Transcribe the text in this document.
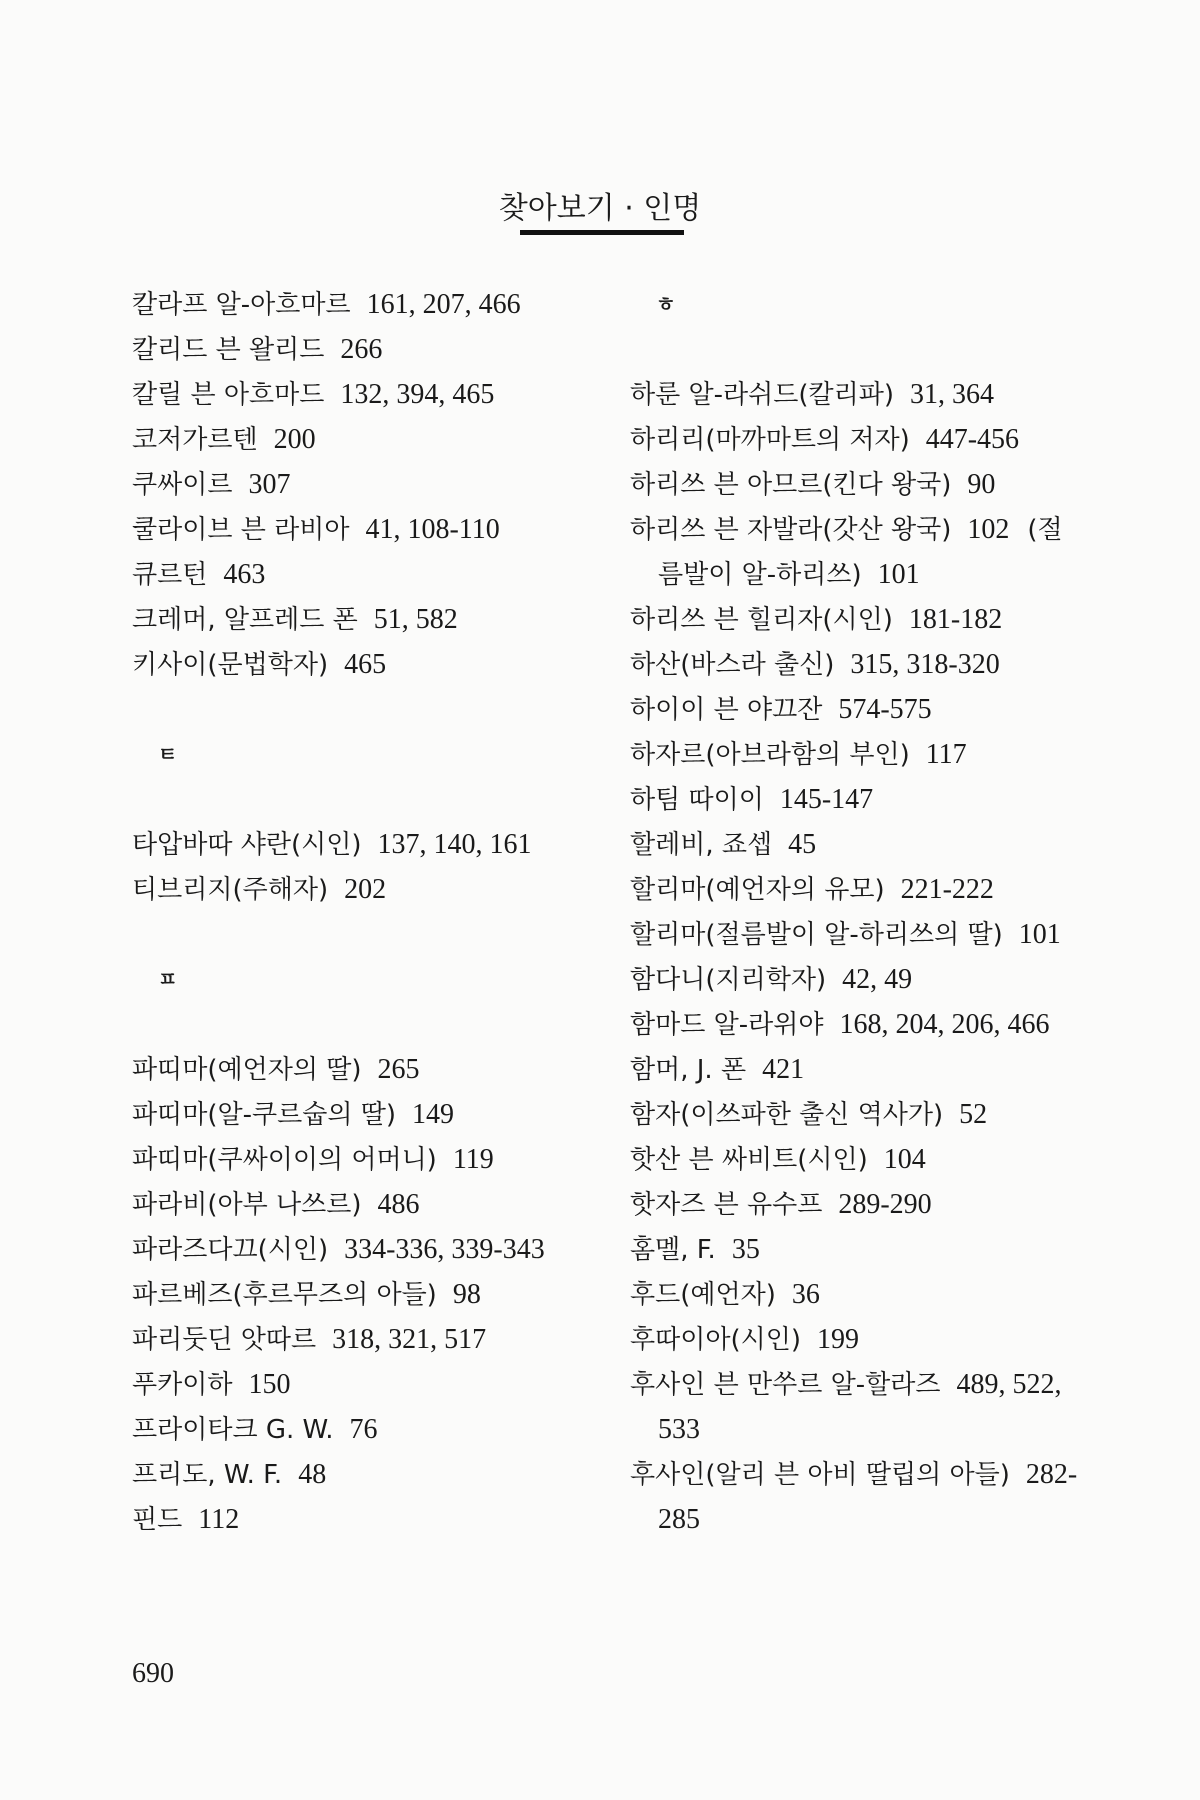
찾아보기 · 인명
칼라프 알-아흐마르 161, 207, 466
칼리드 븐 왈리드 266
칼릴 븐 아흐마드 132, 394, 465
코저가르텐 200
쿠싸이르 307
쿨라이브 븐 라비아 41, 108-110
큐르턴 463
크레머, 알프레드 폰 51, 582
키사이(문법학자) 465
ㅌ
타압바따 샤란(시인) 137, 140, 161
티브리지(주해자) 202
ㅍ
파띠마(예언자의 딸) 265
파띠마(알-쿠르숩의 딸) 149
파띠마(쿠싸이이의 어머니) 119
파라비(아부 나쓰르) 486
파라즈다끄(시인) 334-336, 339-343
파르베즈(후르무즈의 아들) 98
파리둣딘 앗따르 318, 321, 517
푸카이하 150
프라이타크 G. W. 76
프리도, W. F. 48
핀드 112
ㅎ
하룬 알-라쉬드(칼리파) 31, 364
하리리(마까마트의 저자) 447-456
하리쓰 븐 아므르(킨다 왕국) 90
하리쓰 븐 자발라(갓산 왕국) 102 (절
름발이 알-하리쓰) 101
하리쓰 븐 힐리자(시인) 181-182
하산(바스라 출신) 315, 318-320
하이이 븐 야끄잔 574-575
하자르(아브라함의 부인) 117
하팀 따이이 145-147
할레비, 죠셉 45
할리마(예언자의 유모) 221-222
할리마(절름발이 알-하리쓰의 딸) 101
함다니(지리학자) 42, 49
함마드 알-라위야 168, 204, 206, 466
함머, J. 폰 421
함자(이쓰파한 출신 역사가) 52
핫산 븐 싸비트(시인) 104
핫자즈 븐 유수프 289-290
홈멜, F. 35
후드(예언자) 36
후따이아(시인) 199
후사인 븐 만쑤르 알-할라즈 489, 522,
533
후사인(알리 븐 아비 딸립의 아들) 282-
285
690
